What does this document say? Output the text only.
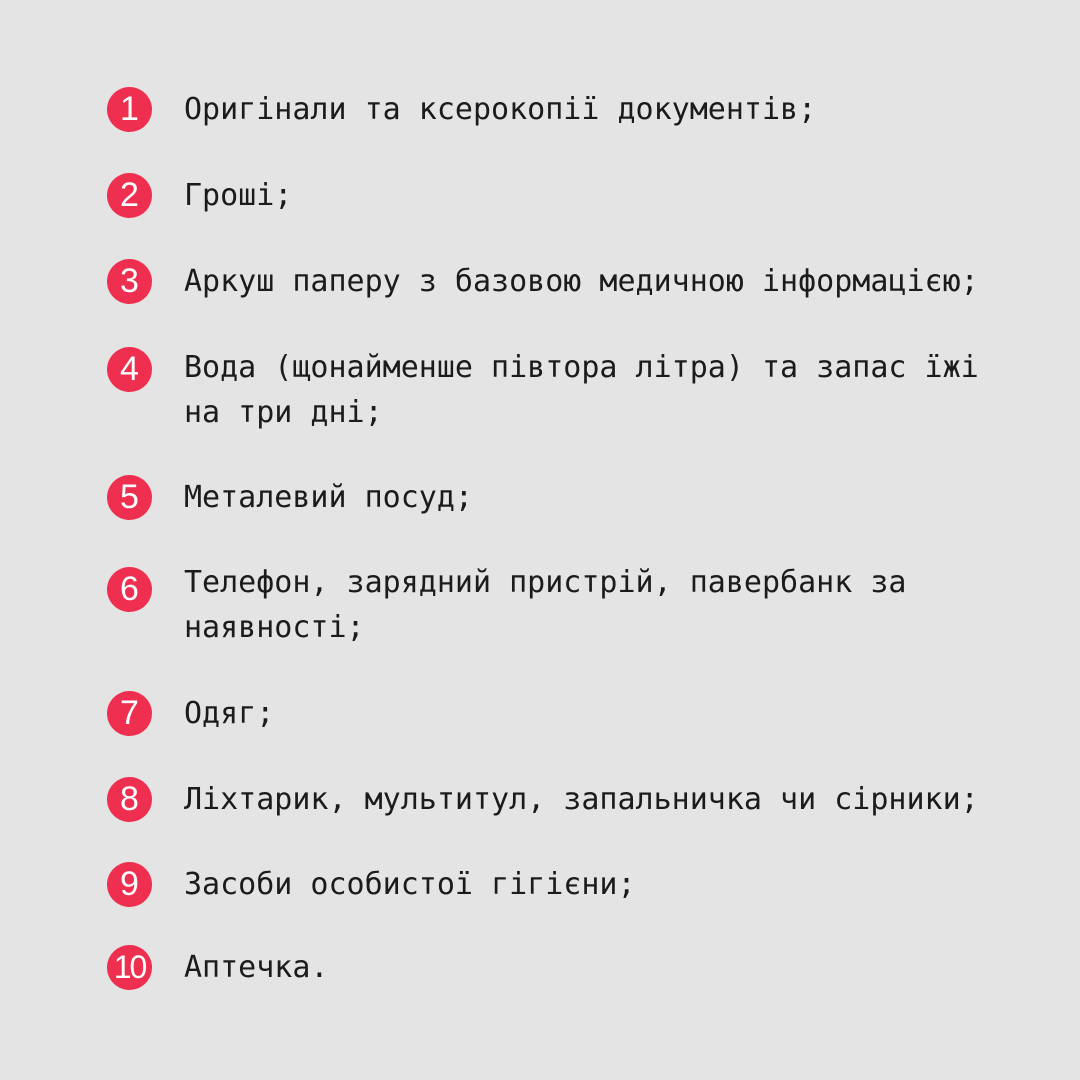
1	Оригінали та ксерокопії документів;

2	Гроші;

3	Аркуш паперу з базовою медичною інформацією;

4	Вода (щонайменше півтора літра) та запас їжі на три дні;

5	Металевий посуд;

6	Телефон, зарядний пристрій, павербанк за наявності;

7	Одяг;

8	Ліхтарик, мультитул, запальничка чи сірники;

9	Засоби особистої гігієни;

10 Аптечка.
